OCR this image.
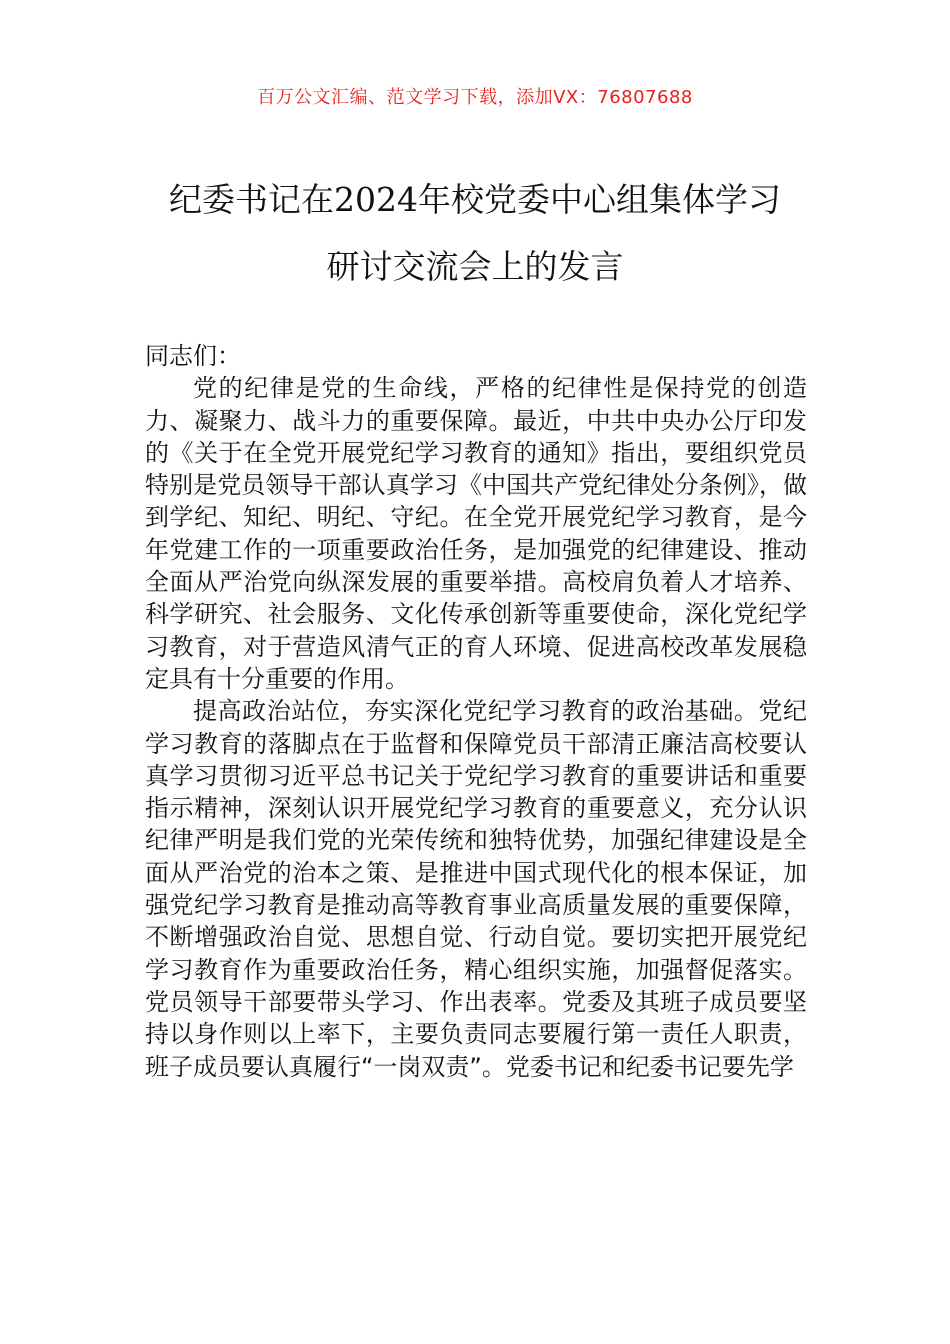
百万公文汇编、范文学习下载，添加VX：76807688
纪委书记在2024年校党委中心组集体学习
研讨交流会上的发言

同志们：

党的纪律是党的生命线，严格的纪律性是保持党的创造力、凝聚力、战斗力的重要保障。最近，中共中央办公厅印发的《关于在全党开展党纪学习教育的通知》指出，要组织党员特别是党员领导干部认真学习《中国共产党纪律处分条例》，做到学纪、知纪、明纪、守纪。在全党开展党纪学习教育，是今年党建工作的一项重要政治任务，是加强党的纪律建设、推动全面从严治党向纵深发展的重要举措。高校肩负着人才培养、科学研究、社会服务、文化传承创新等重要使命，深化党纪学习教育，对于营造风清气正的育人环境、促进高校改革发展稳定具有十分重要的作用。

提高政治站位，夯实深化党纪学习教育的政治基础。党纪学习教育的落脚点在于监督和保障党员干部清正廉洁高校要认真学习贯彻习近平总书记关于党纪学习教育的重要讲话和重要指示精神，深刻认识开展党纪学习教育的重要意义，充分认识纪律严明是我们党的光荣传统和独特优势，加强纪律建设是全面从严治党的治本之策、是推进中国式现代化的根本保证，加强党纪学习教育是推动高等教育事业高质量发展的重要保障，不断增强政治自觉、思想自觉、行动自觉。要切实把开展党纪学习教育作为重要政治任务，精心组织实施，加强督促落实。党员领导干部要带头学习、作出表率。党委及其班子成员要坚持以身作则以上率下，主要负责同志要履行第一责任人职责，班子成员要认真履行“一岗双责”。党委书记和纪委书记要先学
